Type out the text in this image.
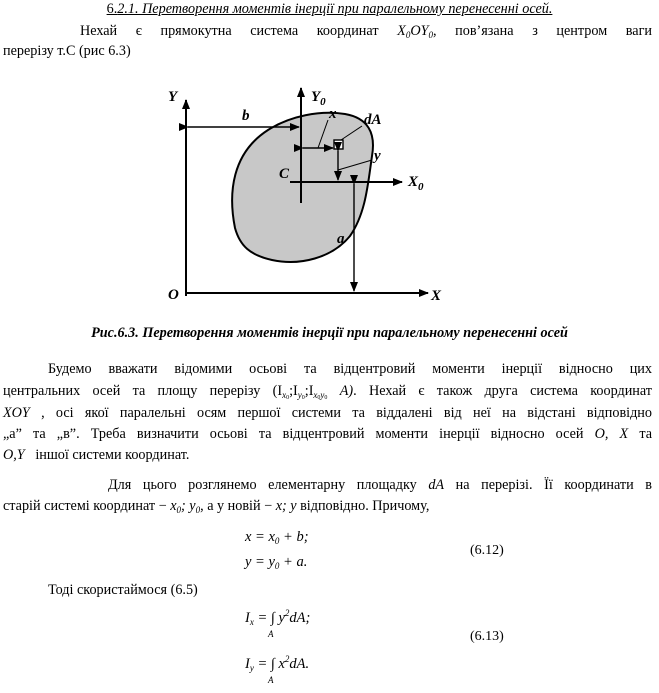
6.2.1. Перетворення моментів інерції при паралельному перенесенні осей.
Нехай є прямокутна система координат $X_0OY_0$, пов’язана з центром ваги
перерізу т.С (рис 6.3)
Y	$Y_0$
b	x dA
y
C	$X_0$
a
O	X
Рис.6.3. Перетворення моментів інерції при паралельному перенесенні осей
Будемо вважати відомими осьові та відцентровий моменти інерції відносно цих
центральних осей та площу перерізу ($I_{x0};I_{y0};I_{x0y0}$ A). Нехай є також друга система координат
XOY , осі якої паралельні осям першої системи та віддалені від неї на відстані відповідно
„a” та „в”. Треба визначити осьові та відцентровий моменти інерції відносно осей O, X та
O,Y іншої системи координат.
Для цього розглянемо елементарну площадку dA на перерізі. Її координати в
старій системі координат − $x_0$; $y_0$, а у новій − x; y відповідно. Причому,
$x = x_0 + b$;
$y = y_0 + a$.
(6.12)
Тоді скористаймося (6.5)
$I_x$ = ∫ $y^2dA$;
A
$I_y$ = ∫ $x^2dA$.
A
(6.13)
